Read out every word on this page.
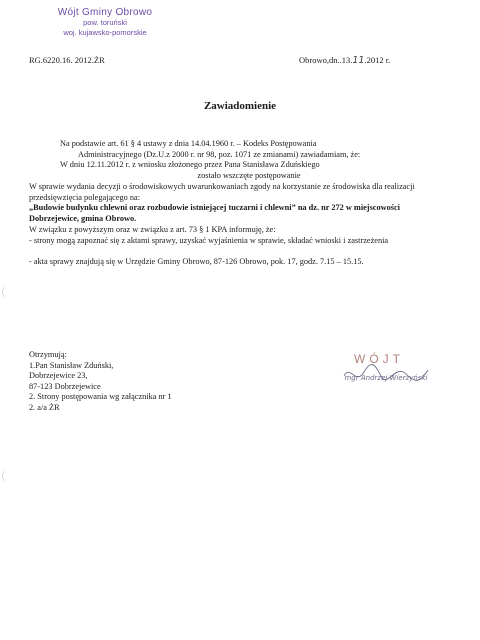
Wójt Gminy Obrowo
pow. toruński
woj. kujawsko-pomorskie
RG.6220.16. 2012.ŻR	Obrowo,dn..13.11.2012 r.
Zawiadomienie
Na podstawie art. 61 § 4 ustawy z dnia 14.04.1960 r. – Kodeks Postępowania
Administracyjnego (Dz.U.z 2000 r. nr 98, poz. 1071 ze zmianami) zawiadamiam, że:
W dniu 12.11.2012 r. z wniosku złożonego przez Pana Stanisława Zduńskiego
zostało wszczęte postępowanie
W sprawie wydania decyzji o środowiskowych uwarunkowaniach zgody na korzystanie ze środowiska dla realizacji przedsięwzięcia polegającego na:
„Budowie budynku chlewni oraz rozbudowie istniejącej tuczarni i chlewni” na dz. nr 272 w miejscowości Dobrzejewice, gmina Obrowo.
W związku z powyższym oraz w związku z art. 73 § 1 KPA informuję, że:
- strony mogą zapoznać się z aktami sprawy, uzyskać wyjaśnienia w sprawie, składać wnioski i zastrzeżenia
- akta sprawy znajdują się w Urzędzie Gminy Obrowo, 87-126 Obrowo, pok. 17, godz. 7.15 – 15.15.
Otrzymują:
1.Pan Stanisław Zduński,
Dobrzejewice 23,
87-123 Dobrzejewice
2. Strony postępowania wg załącznika nr 1
2. a/a ŻR
WÓJT
mgr Andrzej Wierzyński
